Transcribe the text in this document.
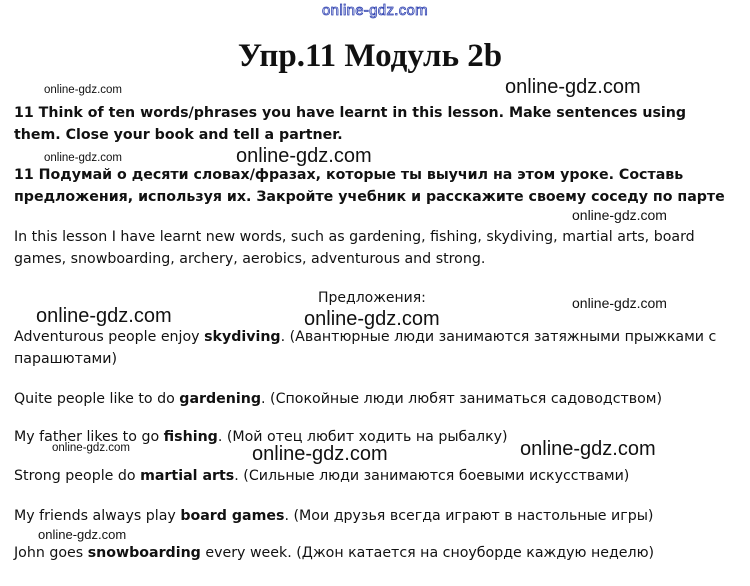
online-gdz.com
Упр.11 Модуль 2b
online-gdz.com	online-gdz.com
11 Think of ten words/phrases you have learnt in this lesson. Make sentences using them. Close your book and tell a partner.
online-gdz.com	online-gdz.com
11 Подумай о десяти словах/фразах, которые ты выучил на этом уроке. Составь предложения, используя их. Закройте учебник и расскажите своему соседу по парте
online-gdz.com
In this lesson I have learnt new words, such as gardening, fishing, skydiving, martial arts, board games, snowboarding, archery, aerobics, adventurous and strong.
Предложения:	online-gdz.com
online-gdz.com	online-gdz.com
Adventurous people enjoy skydiving. (Авантюрные люди занимаются затяжными прыжками с
парашютами)
Quite people like to do gardening. (Спокойные люди любят заниматься садоводством)
My father likes to go fishing. (Мой отец любит ходить на рыбалку)
online-gdz.com	online-gdz.com	online-gdz.com
Strong people do martial arts. (Сильные люди занимаются боевыми искусствами)
My friends always play board games. (Мои друзья всегда играют в настольные игры)
online-gdz.com
John goes snowboarding every week. (Джон катается на сноуборде каждую неделю)
